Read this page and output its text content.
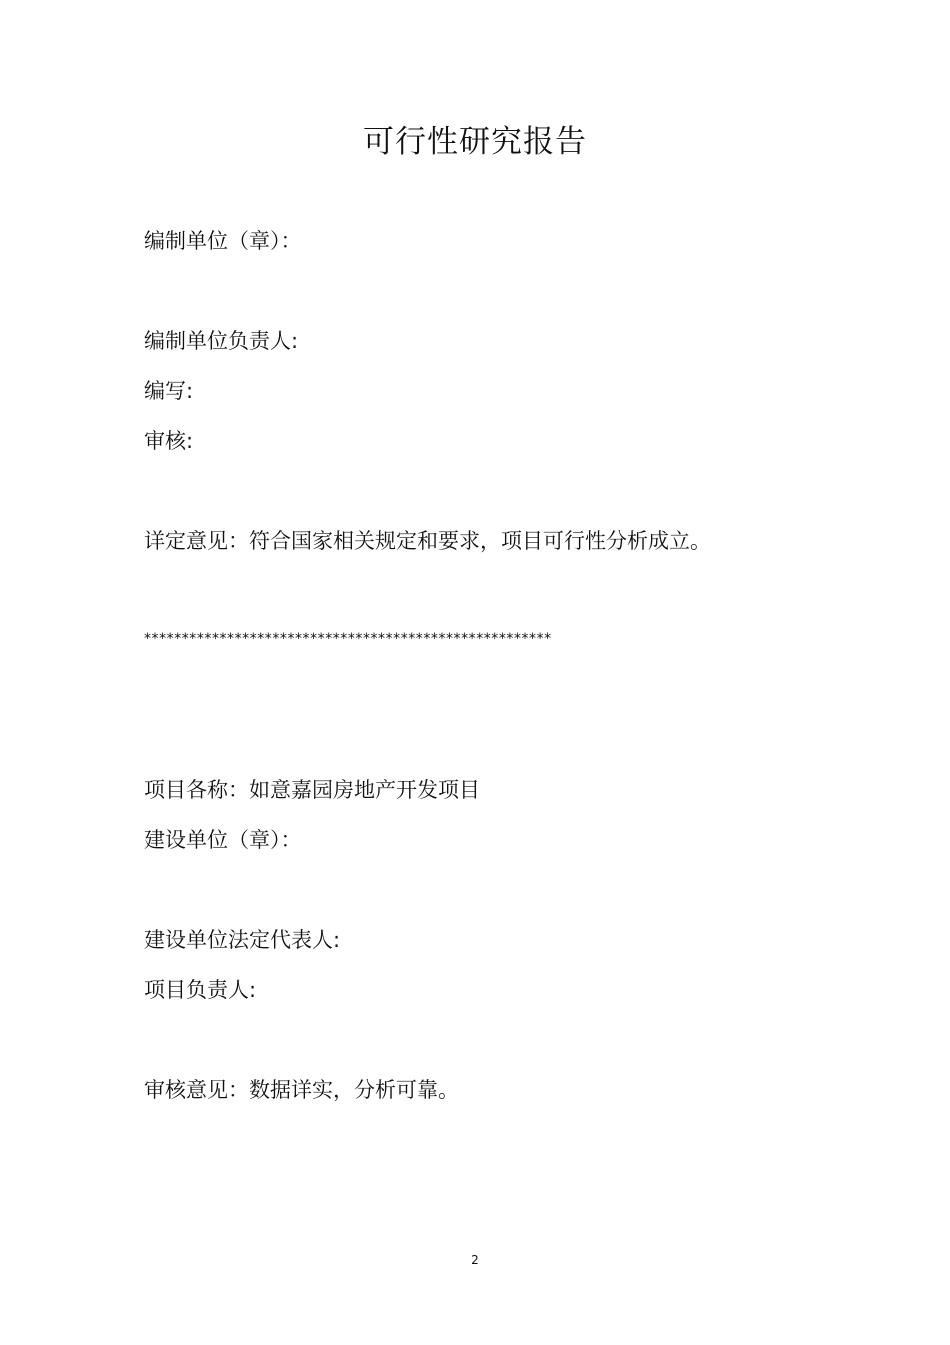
可行性研究报告
编制单位（章）：
编制单位负责人:
编写:
审核:
详定意见：符合国家相关规定和要求，项目可行性分析成立。
******************************************************
项目各称：如意嘉园房地产开发项目
建设单位（章）：
建设单位法定代表人:
项目负责人:
审核意见：数据详实，分析可靠。
2
